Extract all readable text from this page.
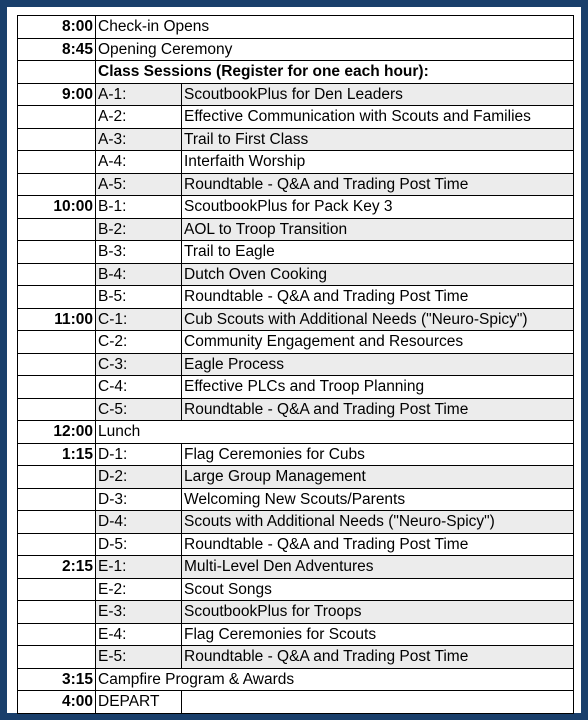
8:00	Check-in Opens	
8:45	Opening Ceremony	
	Class Sessions (Register for one each hour):	
9:00	A-1:	ScoutbookPlus for Den Leaders
	A-2:	Effective Communication with Scouts and Families
	A-3:	Trail to First Class
	A-4:	Interfaith Worship
	A-5:	Roundtable - Q&A and Trading Post Time
10:00	B-1:	ScoutbookPlus for Pack Key 3
	B-2:	AOL to Troop Transition
	B-3:	Trail to Eagle
	B-4:	Dutch Oven Cooking
	B-5:	Roundtable - Q&A and Trading Post Time
11:00	C-1:	Cub Scouts with Additional Needs ("Neuro-Spicy")
	C-2:	Community Engagement and Resources
	C-3:	Eagle Process
	C-4:	Effective PLCs and Troop Planning
	C-5:	Roundtable - Q&A and Trading Post Time
12:00	Lunch	
1:15	D-1:	Flag Ceremonies for Cubs
	D-2:	Large Group Management
	D-3:	Welcoming New Scouts/Parents
	D-4:	Scouts with Additional Needs ("Neuro-Spicy")
	D-5:	Roundtable - Q&A and Trading Post Time
2:15	E-1:	Multi-Level Den Adventures
	E-2:	Scout Songs
	E-3:	ScoutbookPlus for Troops
	E-4:	Flag Ceremonies for Scouts
	E-5:	Roundtable - Q&A and Trading Post Time
3:15	Campfire Program & Awards	
4:00	DEPART	
